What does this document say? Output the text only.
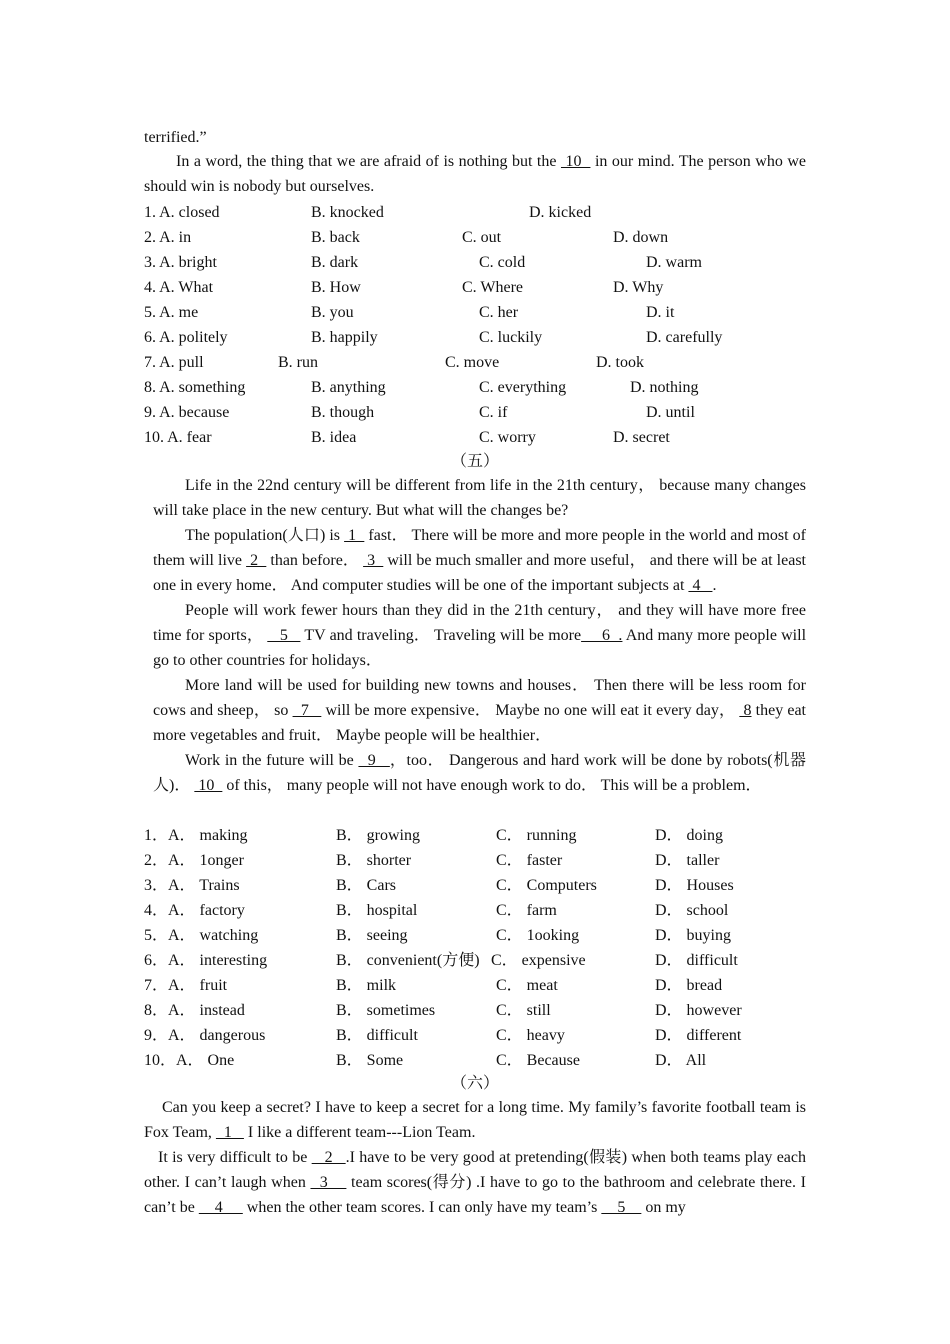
terrified.”

In a word, the thing that we are afraid of is nothing but the  10   in our mind. The person who we should win is nobody but ourselves.

1. A. closed	B. knocked	D. kicked
2. A. in	B. back	C. out	D. down
3. A. bright	B. dark	C. cold	D. warm
4. A. What	B. How	C. Where	D. Why
5. A. me	B. you	C. her	D. it
6. A. politely	B. happily	C. luckily	D. carefully
7. A. pull	B. run	C. move	D. took
8. A. something	B. anything	C. everything	D. nothing
9. A. because	B. though	C. if	D. until
10. A. fear	B. idea	C. worry	D. secret
（五）

Life in the 22nd century will be different from life in the 21th century， because many changes will take place in the new century. But what will the changes be?

The population(人口) is  1   fast． There will be more and more people in the world and most of them will live  2   than before．  3   will be much smaller and more useful， and there will be at least one in every home． And computer studies will be one of the important subjects at  4   .

People will work fewer hours than they did in the 21th century， and they will have more free time for sports，    5    TV and traveling． Traveling will be more     6  . And many more people will go to other countries for holidays．

More land will be used for building new towns and houses． Then there will be less room for cows and sheep， so   7    will be more expensive． Maybe no one will eat it every day，  8 they eat more vegetables and fruit． Maybe people will be healthier．

Work in the future will be   9   ，too． Dangerous and hard work will be done by robots(机器人)．  10   of this， many people will not have enough work to do． This will be a problem．

1．A． making	B． growing	C． running	D． doing
2．A． 1onger	B． shorter	C． faster	D． taller
3．A． Trains	B． Cars	C． Computers	D． Houses
4．A． factory	B． hospital	C． farm	D． school
5．A． watching	B． seeing	C． 1ooking	D． buying
6．A． interesting	B． convenient(方便) C． expensive	D． difficult
7．A． fruit	B． milk	C． meat	D． bread
8．A． instead	B． sometimes	C． still	D． however
9．A． dangerous	B． difficult	C． heavy	D． different
10．A． One	B． Some	C． Because	D． All
（六）

Can you keep a secret? I have to keep a secret for a long time. My family’s favorite football team is Fox Team,   1    I like a different team---Lion Team.

It is very difficult to be    2   .I have to be very good at pretending(假装) when both teams play each other. I can’t laugh when   3     team scores(得分) .I have to go to the bathroom and celebrate there. I can’t be     4      when the other team scores. I can only have my team’s     5     on my
